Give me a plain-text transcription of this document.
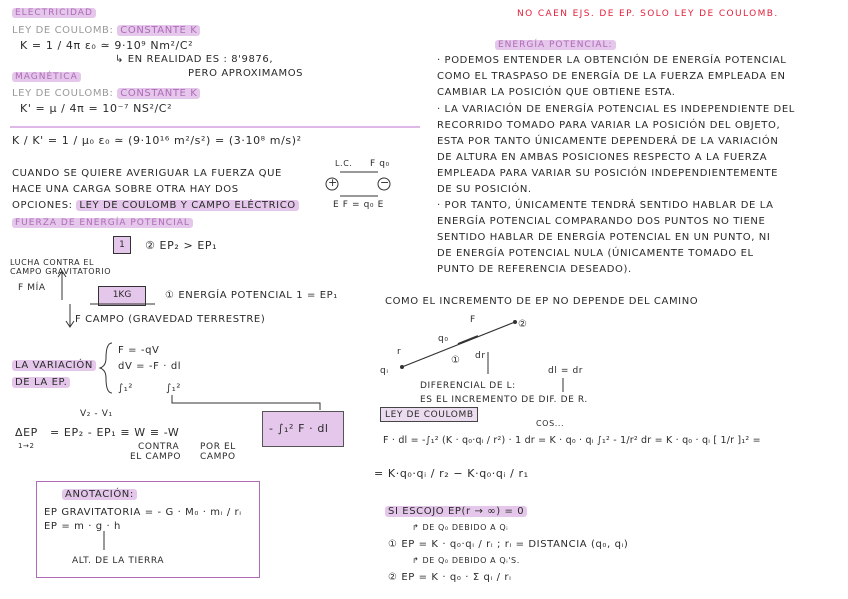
ELECTRICIDAD
LEY DE COULOMB: CONSTANTE K
K = 1 / 4π ε₀ ≃ 9·10⁹ Nm²/C²
↳ EN REALIDAD ES : 8'9876,
PERO APROXIMAMOS
MAGNÉTICA
LEY DE COULOMB: CONSTANTE K
K' = μ / 4π = 10⁻⁷ NS²/C²
K / K' = 1 / μ₀ ε₀ ≃ (9·10¹⁶ m²/s²) = (3·10⁸ m/s)²
CUANDO SE QUIERE AVERIGUAR LA FUERZA QUE
HACE UNA CARGA SOBRE OTRA HAY DOS
OPCIONES: LEY DE COULOMB Y CAMPO ELÉCTRICO
L.C. F q₀
+	−
E F = q₀ E
FUERZA DE ENERGÍA POTENCIAL
1	② EP₂ > EP₁
LUCHA CONTRA EL
CAMPO GRAVITATORIO
F MÍA
1KG	① ENERGÍA POTENCIAL 1 = EP₁
F CAMPO (GRAVEDAD TERRESTRE)
LA VARIACIÓN
DE LA EP.
F = -qV
dV = -F · dl
∫₁²	∫₁²
ΔEP
1→2
V₂ - V₁
= EP₂ - EP₁ ≡ W ≡ -W
CONTRA
EL CAMPO
POR EL
CAMPO
- ∫₁² F · dl
ANOTACIÓN:
EP GRAVITATORIA = - G · M₀ · mᵢ / rᵢ
EP = m · g · h
ALT. DE LA TIERRA
NO CAEN EJS. DE EP. SOLO LEY DE COULOMB.
ENERGÍA POTENCIAL:
· PODEMOS ENTENDER LA OBTENCIÓN DE ENERGÍA POTENCIAL
COMO EL TRASPASO DE ENERGÍA DE LA FUERZA EMPLEADA EN
CAMBIAR LA POSICIÓN QUE OBTIENE ESTA.
· LA VARIACIÓN DE ENERGÍA POTENCIAL ES INDEPENDIENTE DEL
RECORRIDO TOMADO PARA VARIAR LA POSICIÓN DEL OBJETO,
ESTA POR TANTO ÚNICAMENTE DEPENDERÁ DE LA VARIACIÓN
DE ALTURA EN AMBAS POSICIONES RESPECTO A LA FUERZA
EMPLEADA PARA VARIAR SU POSICIÓN INDEPENDIENTEMENTE
DE SU POSICIÓN.
· POR TANTO, ÚNICAMENTE TENDRÁ SENTIDO HABLAR DE LA
ENERGÍA POTENCIAL COMPARANDO DOS PUNTOS NO TIENE
SENTIDO HABLAR DE ENERGÍA POTENCIAL EN UN PUNTO, NI
DE ENERGÍA POTENCIAL NULA (ÚNICAMENTE TOMADO EL
PUNTO DE REFERENCIA DESEADO).
COMO EL INCREMENTO DE EP NO DEPENDE DEL CAMINO
F
q₀
r	dr
qᵢ
①
②
dl = dr
DIFERENCIAL DE L:
ES EL INCREMENTO DE DIF. DE R.
LEY DE COULOMB
COS...
F · dl = -∫₁² (K · q₀·qᵢ / r²) · 1 dr = K · q₀ · qᵢ ∫₁² - 1/r² dr = K · q₀ · qᵢ [ 1/r ]₁² =
= K·q₀·qᵢ / r₂ − K·q₀·qᵢ / r₁
SI ESCOJO EP(r → ∞) = 0
↱ DE Q₀ DEBIDO A Qᵢ
① EP = K · q₀·qᵢ / rᵢ ; rᵢ = DISTANCIA (q₀, qᵢ)
↱ DE Q₀ DEBIDO A Qᵢ'S.
② EP = K · q₀ · Σ qᵢ / rᵢ
